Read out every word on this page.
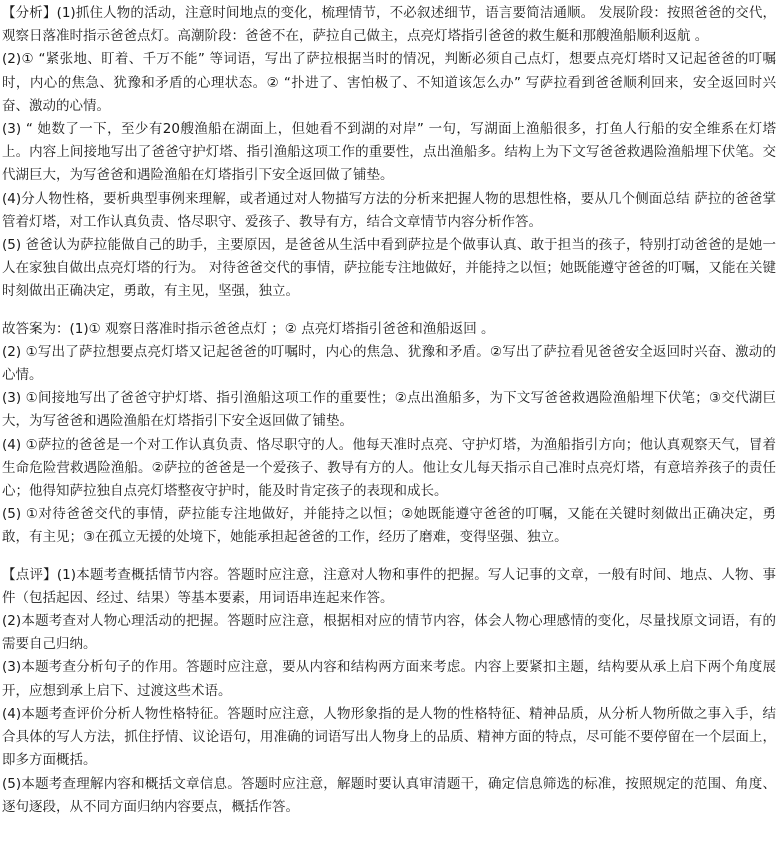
【分析】(1)抓住人物的活动，注意时间地点的变化，梳理情节，不必叙述细节，语言要简洁通顺。 发展阶段：按照爸爸的交代，观察日落准时指示爸爸点灯。高潮阶段：爸爸不在，萨拉自己做主，点亮灯塔指引爸爸的救生艇和那艘渔船顺利返航 。

(2)① “紧张地、盯着、千万不能” 等词语，写出了萨拉根据当时的情况，判断必须自己点灯，想要点亮灯塔时又记起爸爸的叮嘱时，内心的焦急、犹豫和矛盾的心理状态。② “扑进了、害怕极了、不知道该怎么办” 写萨拉看到爸爸顺利回来，安全返回时兴奋、激动的心情。

(3) “ 她数了一下，至少有20艘渔船在湖面上，但她看不到湖的对岸” 一句，写湖面上渔船很多，打鱼人行船的安全维系在灯塔上。内容上间接地写出了爸爸守护灯塔、指引渔船这项工作的重要性，点出渔船多。结构上为下文写爸爸救遇险渔船埋下伏笔。交代湖巨大，为写爸爸和遇险渔船在灯塔指引下安全返回做了铺垫。

(4)分人物性格，要析典型事例来理解，或者通过对人物描写方法的分析来把握人物的思想性格，要从几个侧面总结 萨拉的爸爸掌管着灯塔，对工作认真负责、恪尽职守、爱孩子、教导有方，结合文章情节内容分析作答。

(5) 爸爸认为萨拉能做自己的助手，主要原因，是爸爸从生活中看到萨拉是个做事认真、敢于担当的孩子，特别打动爸爸的是她一人在家独自做出点亮灯塔的行为。 对待爸爸交代的事情，萨拉能专注地做好，并能持之以恒；她既能遵守爸爸的叮嘱，又能在关键时刻做出正确决定，勇敢，有主见，坚强，独立。

故答案为：(1)① 观察日落准时指示爸爸点灯 ；② 点亮灯塔指引爸爸和渔船返回 。

(2) ①写出了萨拉想要点亮灯塔又记起爸爸的叮嘱时，内心的焦急、犹豫和矛盾。②写出了萨拉看见爸爸安全返回时兴奋、激动的心情。

(3) ①间接地写出了爸爸守护灯塔、指引渔船这项工作的重要性；②点出渔船多，为下文写爸爸救遇险渔船埋下伏笔；③交代湖巨大，为写爸爸和遇险渔船在灯塔指引下安全返回做了铺垫。

(4) ①萨拉的爸爸是一个对工作认真负责、恪尽职守的人。他每天准时点亮、守护灯塔，为渔船指引方向；他认真观察天气，冒着生命危险营救遇险渔船。②萨拉的爸爸是一个爱孩子、教导有方的人。他让女儿每天指示自己准时点亮灯塔，有意培养孩子的责任心；他得知萨拉独自点亮灯塔整夜守护时，能及时肯定孩子的表现和成长。

(5) ①对待爸爸交代的事情，萨拉能专注地做好，并能持之以恒；②她既能遵守爸爸的叮嘱，又能在关键时刻做出正确决定，勇敢，有主见；③在孤立无援的处境下，她能承担起爸爸的工作，经历了磨难，变得坚强、独立。

【点评】(1)本题考查概括情节内容。答题时应注意，注意对人物和事件的把握。写人记事的文章，一般有时间、地点、人物、事件（包括起因、经过、结果）等基本要素，用词语串连起来作答。

(2)本题考查对人物心理活动的把握。答题时应注意，根据相对应的情节内容，体会人物心理感情的变化，尽量找原文词语，有的需要自己归纳。

(3)本题考查分析句子的作用。答题时应注意，要从内容和结构两方面来考虑。内容上要紧扣主题，结构要从承上启下两个角度展开，应想到承上启下、过渡这些术语。

(4)本题考查评价分析人物性格特征。答题时应注意，人物形象指的是人物的性格特征、精神品质，从分析人物所做之事入手，结合具体的写人方法，抓住抒情、议论语句，用准确的词语写出人物身上的品质、精神方面的特点，尽可能不要停留在一个层面上，即多方面概括。

(5)本题考查理解内容和概括文章信息。答题时应注意，解题时要认真审清题干，确定信息筛选的标准，按照规定的范围、角度、逐句逐段，从不同方面归纳内容要点，概括作答。
